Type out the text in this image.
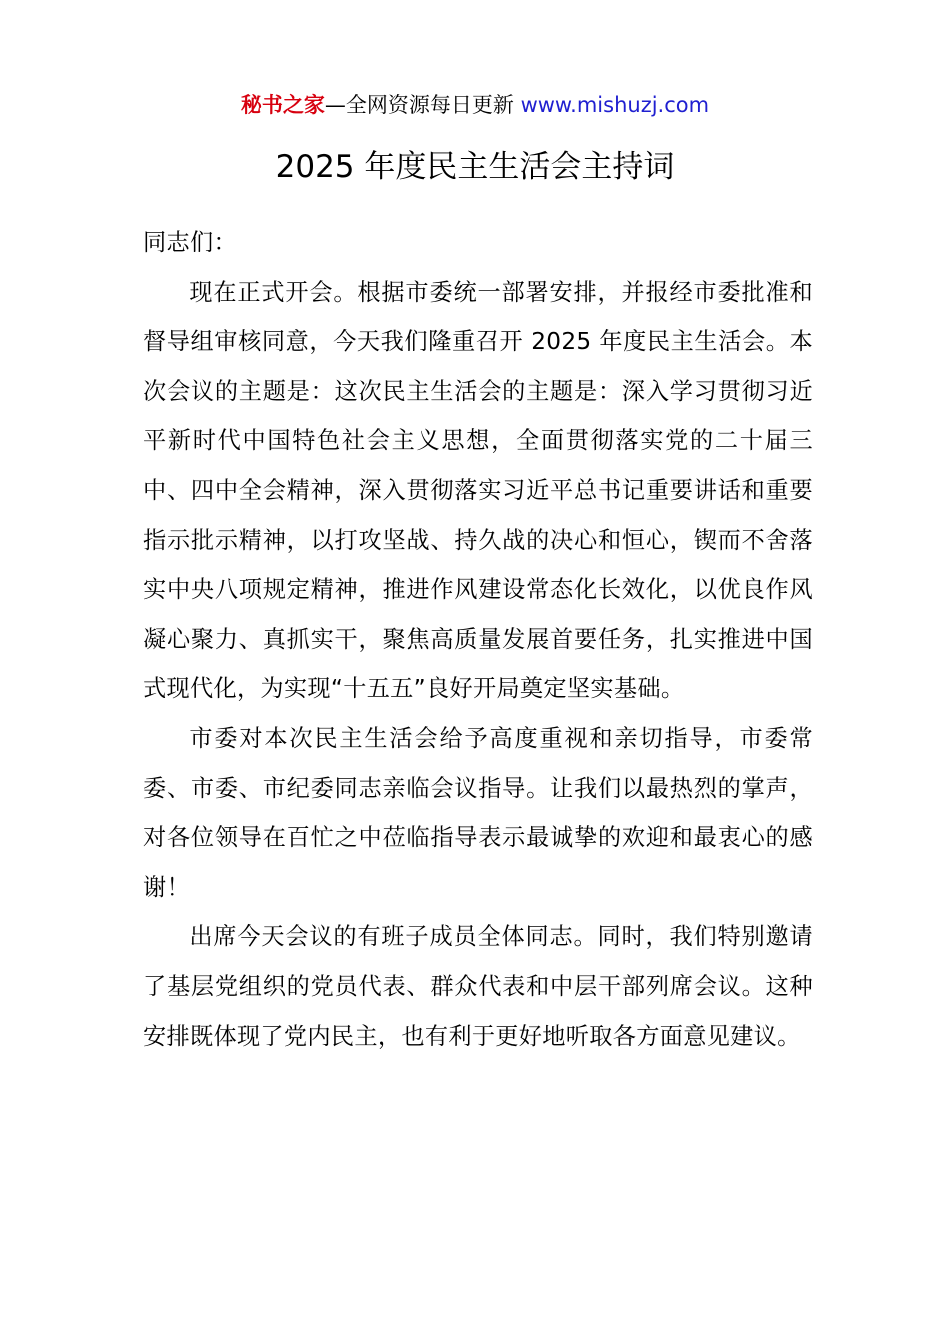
秘书之家—全网资源每日更新 www.mishuzj.com
2025 年度民主生活会主持词

同志们：

现在正式开会。根据市委统一部署安排，并报经市委批准和督导组审核同意，今天我们隆重召开 2025 年度民主生活会。本次会议的主题是：这次民主生活会的主题是：深入学习贯彻习近平新时代中国特色社会主义思想，全面贯彻落实党的二十届三中、四中全会精神，深入贯彻落实习近平总书记重要讲话和重要指示批示精神，以打攻坚战、持久战的决心和恒心，锲而不舍落实中央八项规定精神，推进作风建设常态化长效化，以优良作风凝心聚力、真抓实干，聚焦高质量发展首要任务，扎实推进中国式现代化，为实现“十五五”良好开局奠定坚实基础。

市委对本次民主生活会给予高度重视和亲切指导，市委常委、市委、市纪委同志亲临会议指导。让我们以最热烈的掌声，对各位领导在百忙之中莅临指导表示最诚挚的欢迎和最衷心的感谢！

出席今天会议的有班子成员全体同志。同时，我们特别邀请了基层党组织的党员代表、群众代表和中层干部列席会议。这种安排既体现了党内民主，也有利于更好地听取各方面意见建议。
